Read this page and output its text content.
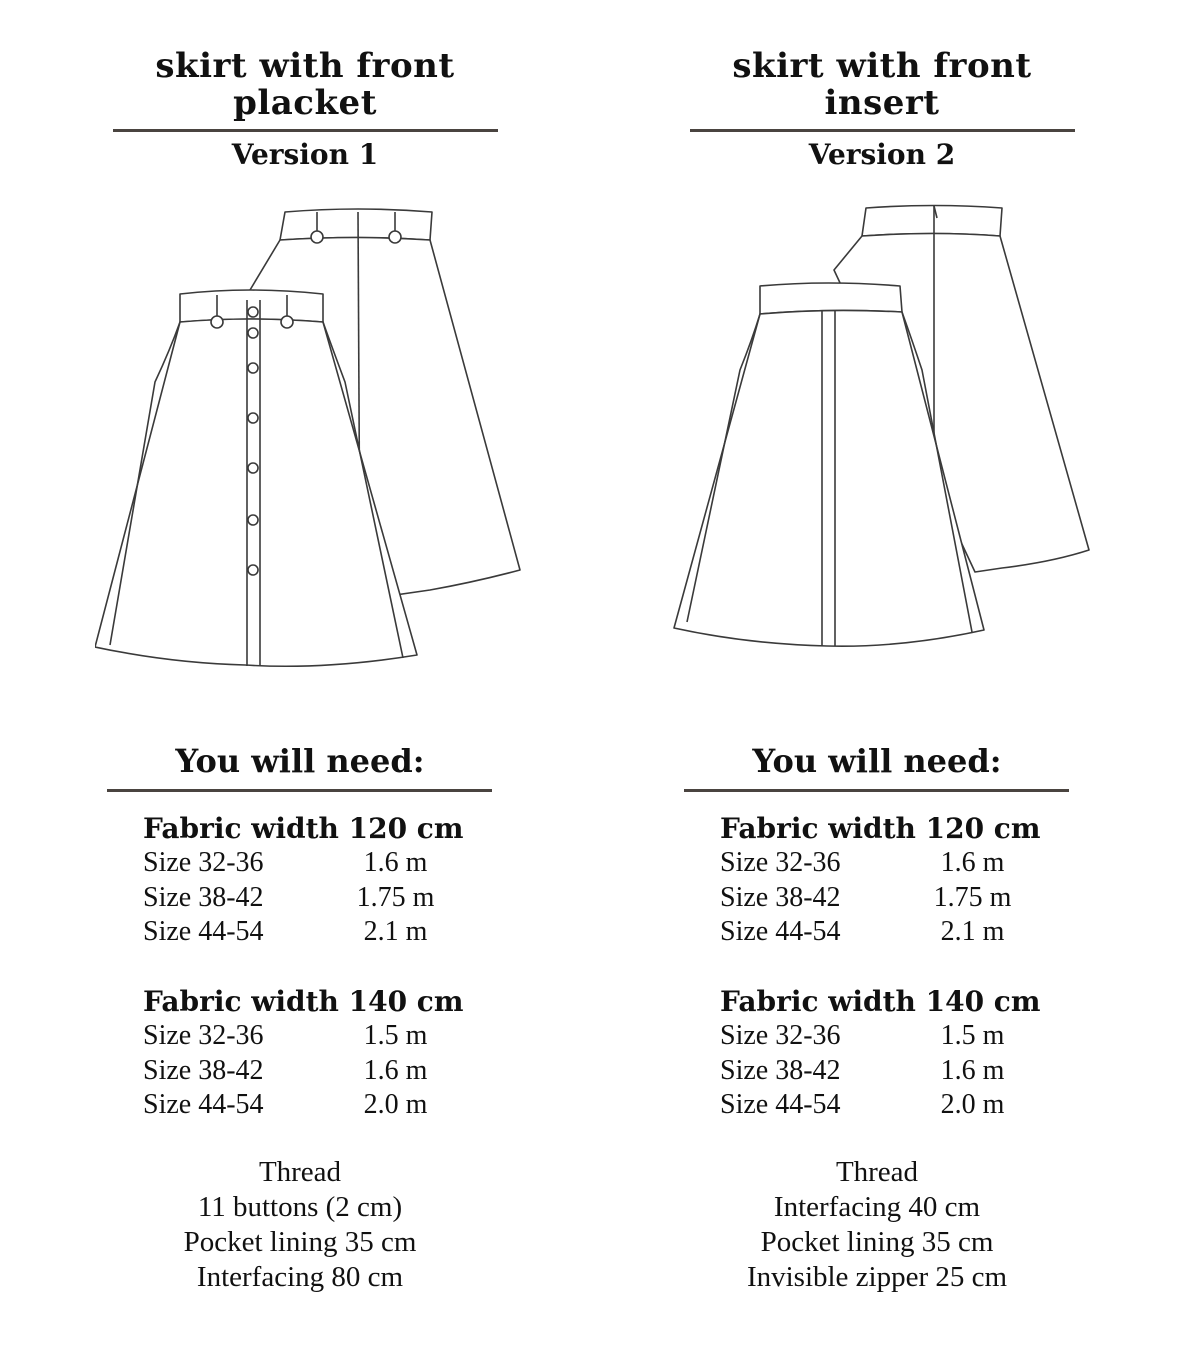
skirt with front
placket
Version 1
You will need:
Fabric width 120 cm
Size 32-36	1.6 m
Size 38-42	1.75 m
Size 44-54	2.1 m
Fabric width 140 cm
Size 32-36	1.5 m
Size 38-42	1.6 m
Size 44-54	2.0 m
Thread
11 buttons (2 cm)
Pocket lining 35 cm
Interfacing 80 cm
skirt with front
insert
Version 2
You will need:
Fabric width 120 cm
Size 32-36	1.6 m
Size 38-42	1.75 m
Size 44-54	2.1 m
Fabric width 140 cm
Size 32-36	1.5 m
Size 38-42	1.6 m
Size 44-54	2.0 m
Thread
Interfacing 40 cm
Pocket lining 35 cm
Invisible zipper 25 cm
